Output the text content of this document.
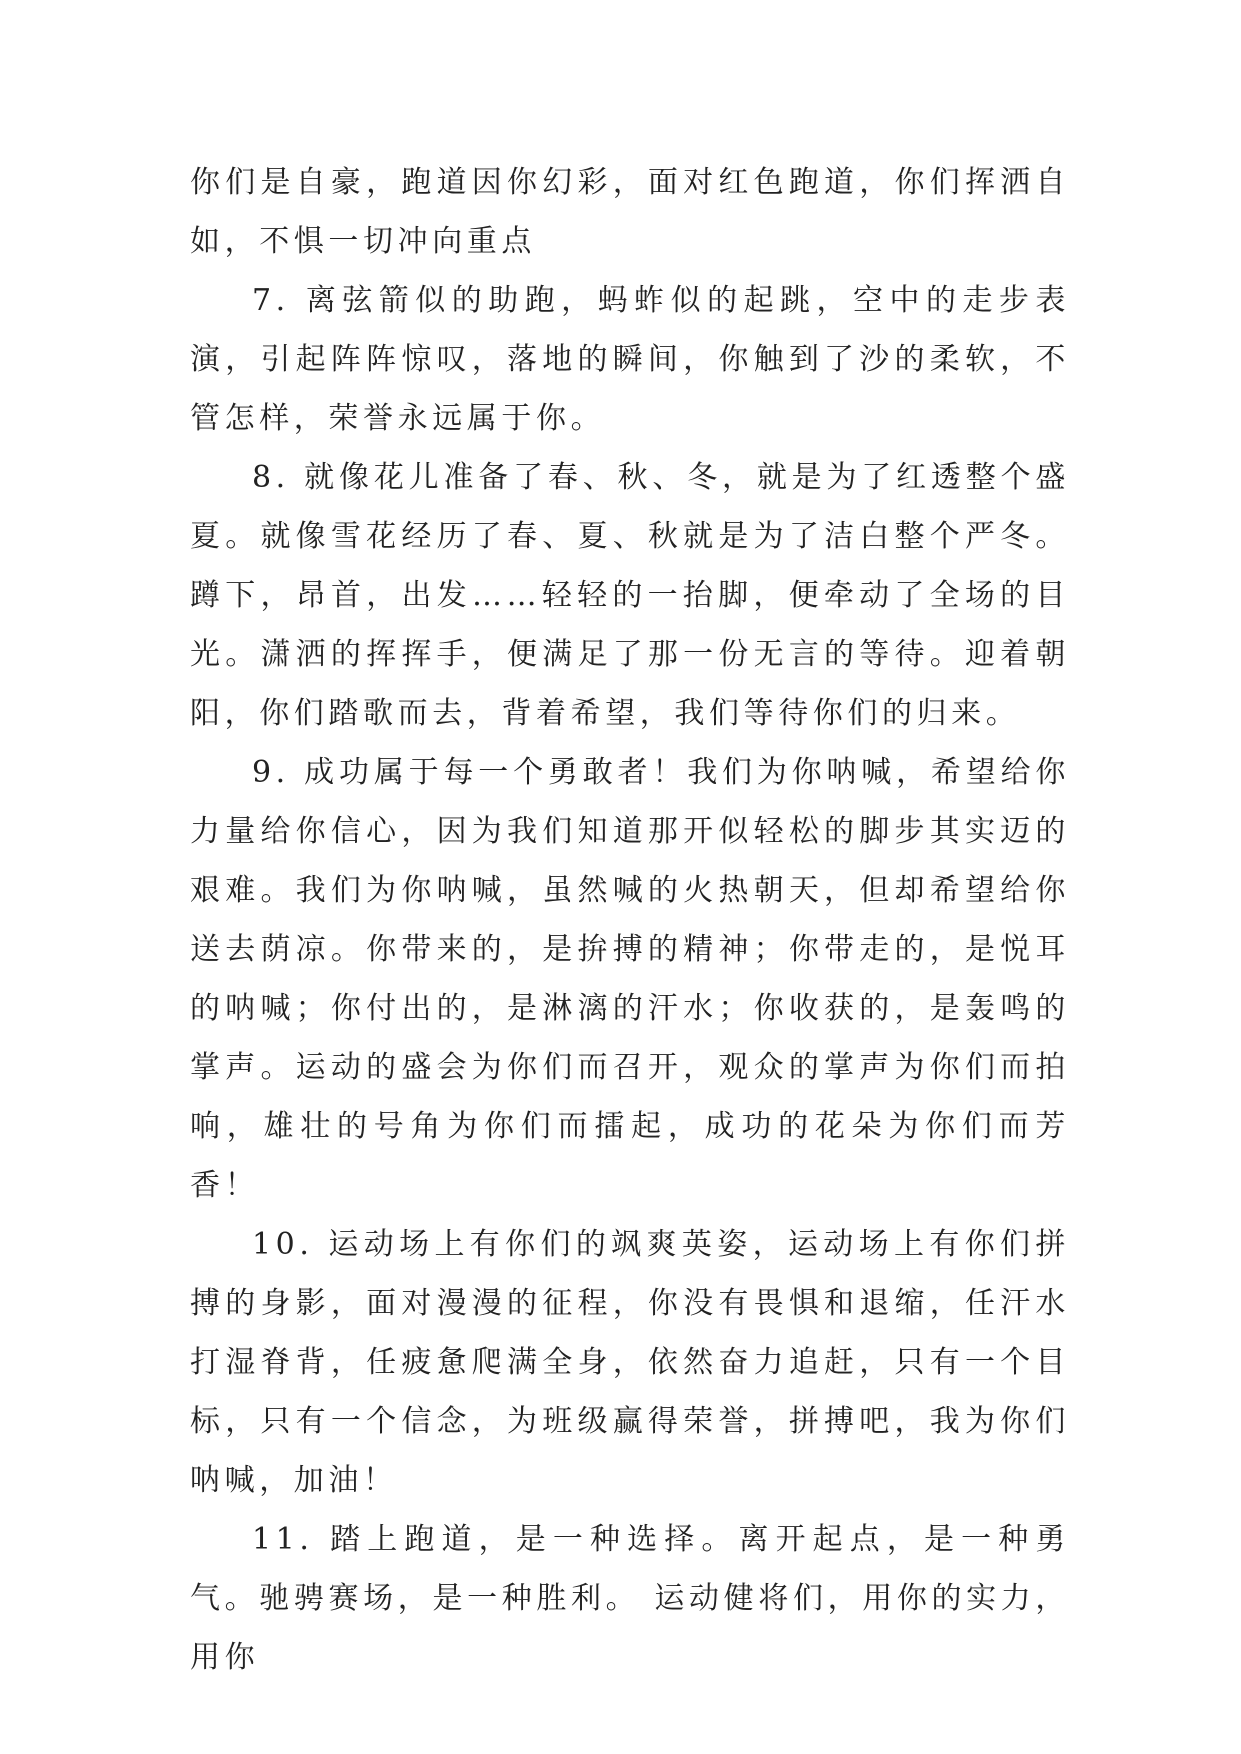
你们是自豪，跑道因你幻彩，面对红色跑道，你们挥洒自如，不惧一切冲向重点

7. 离弦箭似的助跑，蚂蚱似的起跳，空中的走步表演，引起阵阵惊叹，落地的瞬间，你触到了沙的柔软，不管怎样，荣誉永远属于你。

8. 就像花儿准备了春、秋、冬，就是为了红透整个盛夏。就像雪花经历了春、夏、秋就是为了洁白整个严冬。蹲下，昂首，出发……轻轻的一抬脚，便牵动了全场的目光。潇洒的挥挥手，便满足了那一份无言的等待。迎着朝阳，你们踏歌而去，背着希望，我们等待你们的归来。

9. 成功属于每一个勇敢者！我们为你呐喊，希望给你力量给你信心，因为我们知道那开似轻松的脚步其实迈的艰难。我们为你呐喊，虽然喊的火热朝天，但却希望给你送去荫凉。你带来的，是拚搏的精神；你带走的，是悦耳的呐喊；你付出的，是淋漓的汗水；你收获的，是轰鸣的掌声。运动的盛会为你们而召开，观众的掌声为你们而拍响，雄壮的号角为你们而擂起，成功的花朵为你们而芳香！

10. 运动场上有你们的飒爽英姿，运动场上有你们拼搏的身影，面对漫漫的征程，你没有畏惧和退缩，任汗水打湿脊背，任疲惫爬满全身，依然奋力追赶，只有一个目标，只有一个信念，为班级赢得荣誉，拼搏吧，我为你们呐喊，加油！

11. 踏上跑道，是一种选择。离开起点，是一种勇气。驰骋赛场，是一种胜利。 运动健将们，用你的实力，用你
